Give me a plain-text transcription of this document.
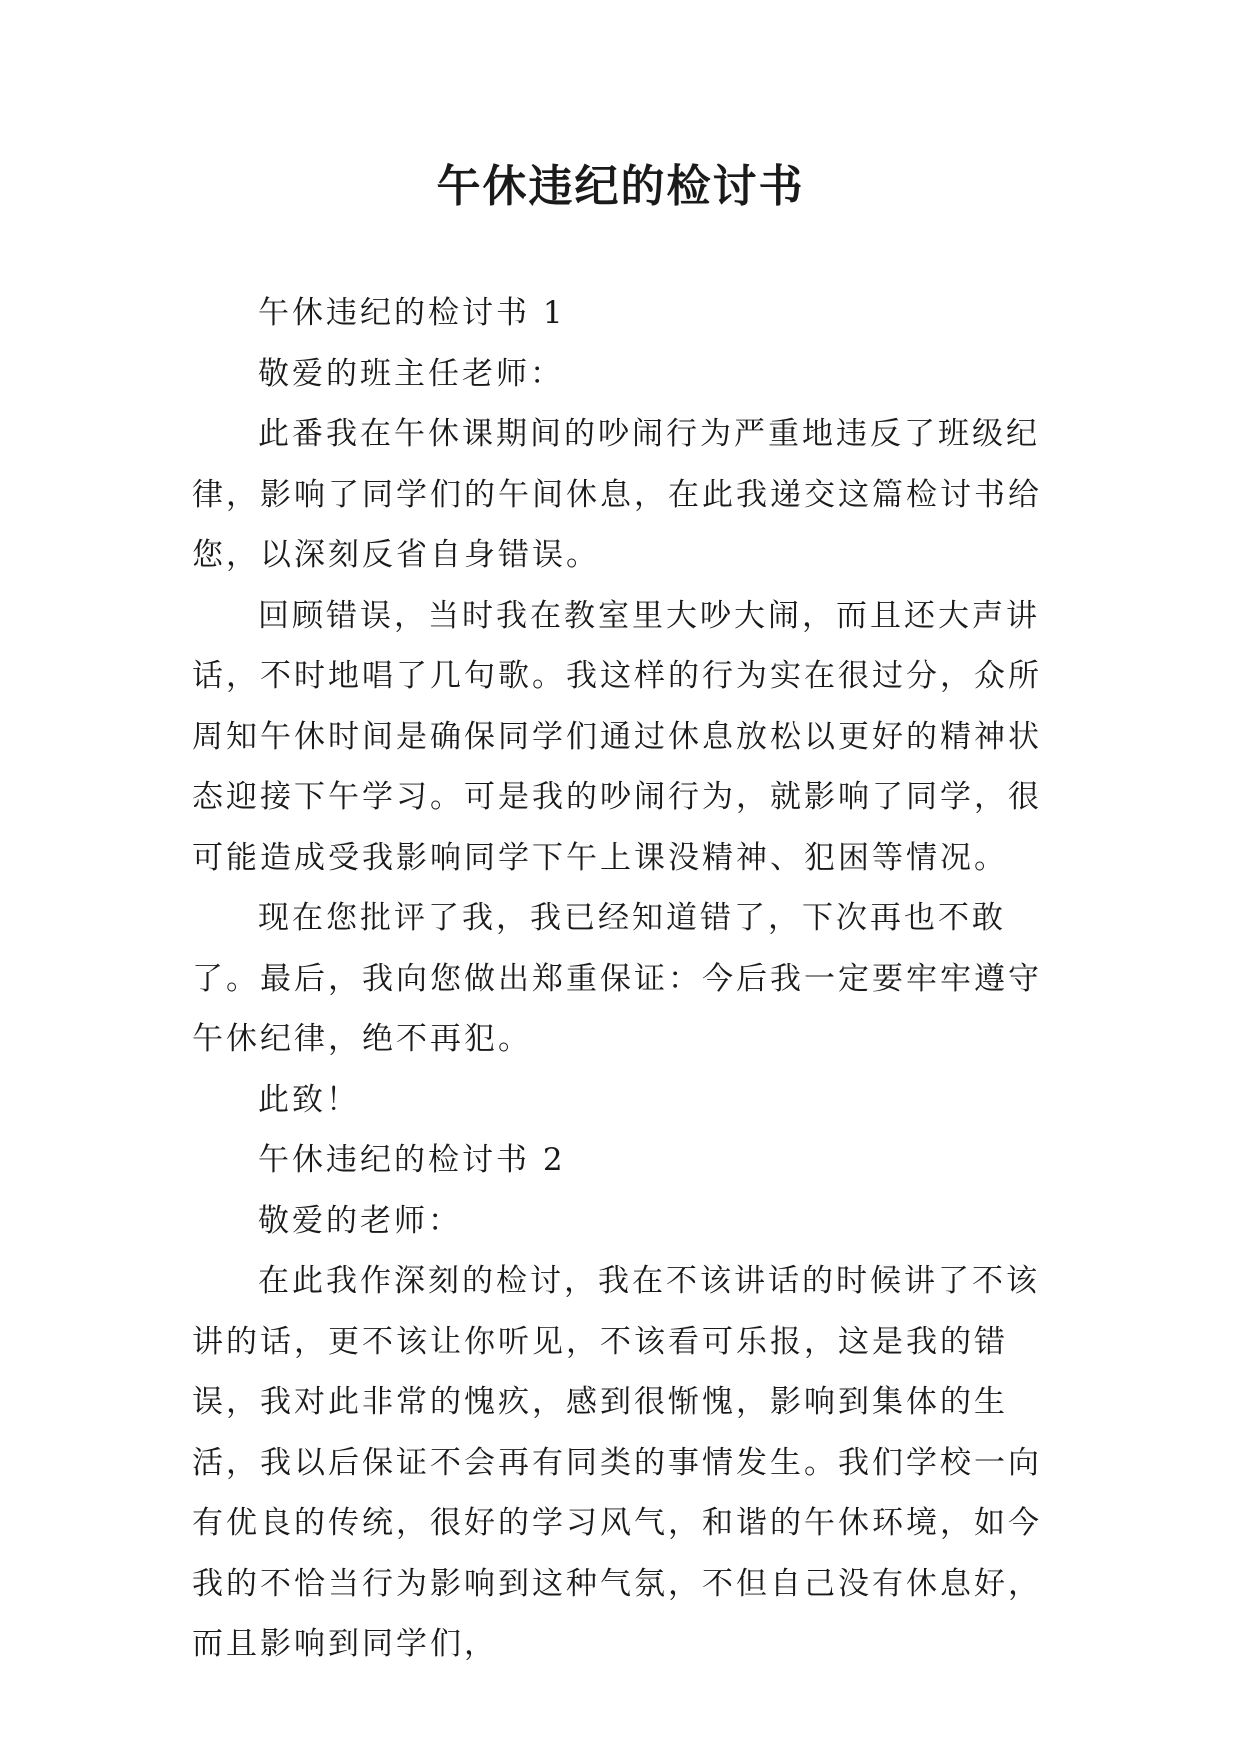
午休违纪的检讨书

午休违纪的检讨书 1

敬爱的班主任老师：

此番我在午休课期间的吵闹行为严重地违反了班级纪律，影响了同学们的午间休息，在此我递交这篇检讨书给您，以深刻反省自身错误。

回顾错误，当时我在教室里大吵大闹，而且还大声讲话，不时地唱了几句歌。我这样的行为实在很过分，众所周知午休时间是确保同学们通过休息放松以更好的精神状态迎接下午学习。可是我的吵闹行为，就影响了同学，很可能造成受我影响同学下午上课没精神、犯困等情况。

现在您批评了我，我已经知道错了，下次再也不敢了。最后，我向您做出郑重保证：今后我一定要牢牢遵守午休纪律，绝不再犯。

此致！

午休违纪的检讨书 2

敬爱的老师：

在此我作深刻的检讨，我在不该讲话的时候讲了不该讲的话，更不该让你听见，不该看可乐报，这是我的错误，我对此非常的愧疚，感到很惭愧，影响到集体的生活，我以后保证不会再有同类的事情发生。我们学校一向有优良的传统，很好的学习风气，和谐的午休环境，如今我的不恰当行为影响到这种气氛，不但自己没有休息好，而且影响到同学们，
